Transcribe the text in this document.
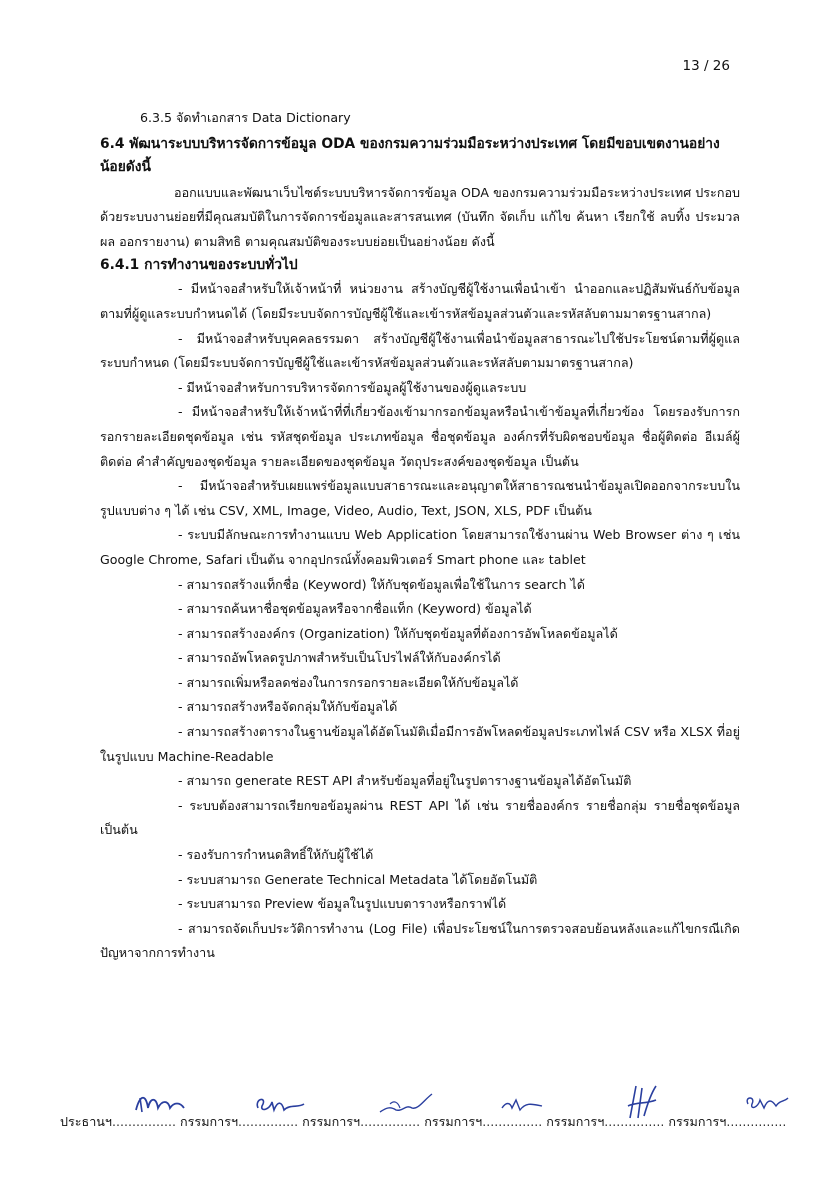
13 / 26

6.3.5 จัดทำเอกสาร Data Dictionary

6.4 พัฒนาระบบบริหารจัดการข้อมูล ODA ของกรมความร่วมมือระหว่างประเทศ โดยมีขอบเขตงานอย่างน้อยดังนี้

ออกแบบและพัฒนาเว็บไซต์ระบบบริหารจัดการข้อมูล ODA ของกรมความร่วมมือระหว่างประเทศ ประกอบด้วยระบบงานย่อยที่มีคุณสมบัติในการจัดการข้อมูลและสารสนเทศ (บันทึก จัดเก็บ แก้ไข ค้นหา เรียกใช้ ลบทิ้ง ประมวลผล ออกรายงาน) ตามสิทธิ ตามคุณสมบัติของระบบย่อยเป็นอย่างน้อย ดังนี้

6.4.1 การทำงานของระบบทั่วไป

- มีหน้าจอสำหรับให้เจ้าหน้าที่ หน่วยงาน สร้างบัญชีผู้ใช้งานเพื่อนำเข้า นำออกและปฏิสัมพันธ์กับข้อมูลตามที่ผู้ดูแลระบบกำหนดได้ (โดยมีระบบจัดการบัญชีผู้ใช้และเข้ารหัสข้อมูลส่วนตัวและรหัสลับตามมาตรฐานสากล)

- มีหน้าจอสำหรับบุคคลธรรมดา สร้างบัญชีผู้ใช้งานเพื่อนำข้อมูลสาธารณะไปใช้ประโยชน์ตามที่ผู้ดูแลระบบกำหนด (โดยมีระบบจัดการบัญชีผู้ใช้และเข้ารหัสข้อมูลส่วนตัวและรหัสลับตามมาตรฐานสากล)

- มีหน้าจอสำหรับการบริหารจัดการข้อมูลผู้ใช้งานของผู้ดูแลระบบ

- มีหน้าจอสำหรับให้เจ้าหน้าที่ที่เกี่ยวข้องเข้ามากรอกข้อมูลหรือนำเข้าข้อมูลที่เกี่ยวข้อง โดยรองรับการกรอกรายละเอียดชุดข้อมูล เช่น รหัสชุดข้อมูล ประเภทข้อมูล ชื่อชุดข้อมูล องค์กรที่รับผิดชอบข้อมูล ชื่อผู้ติดต่อ อีเมล์ผู้ติดต่อ คำสำคัญของชุดข้อมูล รายละเอียดของชุดข้อมูล วัตถุประสงค์ของชุดข้อมูล เป็นต้น

- มีหน้าจอสำหรับเผยแพร่ข้อมูลแบบสาธารณะและอนุญาตให้สาธารณชนนำข้อมูลเปิดออกจากระบบในรูปแบบต่าง ๆ ได้ เช่น CSV, XML, Image, Video, Audio, Text, JSON, XLS, PDF เป็นต้น

- ระบบมีลักษณะการทำงานแบบ Web Application โดยสามารถใช้งานผ่าน Web Browser ต่าง ๆ เช่น Google Chrome, Safari เป็นต้น จากอุปกรณ์ทั้งคอมพิวเตอร์ Smart phone และ tablet

- สามารถสร้างแท็กชื่อ (Keyword) ให้กับชุดข้อมูลเพื่อใช้ในการ search ได้

- สามารถค้นหาชื่อชุดข้อมูลหรือจากชื่อแท็ก (Keyword) ข้อมูลได้

- สามารถสร้างองค์กร (Organization) ให้กับชุดข้อมูลที่ต้องการอัพโหลดข้อมูลได้

- สามารถอัพโหลดรูปภาพสำหรับเป็นโปรไฟล์ให้กับองค์กรได้

- สามารถเพิ่มหรือลดช่องในการกรอกรายละเอียดให้กับข้อมูลได้

- สามารถสร้างหรือจัดกลุ่มให้กับข้อมูลได้

- สามารถสร้างตารางในฐานข้อมูลได้อัตโนมัติเมื่อมีการอัพโหลดข้อมูลประเภทไฟล์ CSV หรือ XLSX ที่อยู่ในรูปแบบ Machine-Readable

- สามารถ generate REST API สำหรับข้อมูลที่อยู่ในรูปตารางฐานข้อมูลได้อัตโนมัติ

- ระบบต้องสามารถเรียกขอข้อมูลผ่าน REST API ได้ เช่น รายชื่อองค์กร รายชื่อกลุ่ม รายชื่อชุดข้อมูล เป็นต้น

- รองรับการกำหนดสิทธิ์ให้กับผู้ใช้ได้

- ระบบสามารถ Generate Technical Metadata ได้โดยอัตโนมัติ

- ระบบสามารถ Preview ข้อมูลในรูปแบบตารางหรือกราฟได้

- สามารถจัดเก็บประวัติการทำงาน (Log File) เพื่อประโยชน์ในการตรวจสอบย้อนหลังและแก้ไขกรณีเกิดปัญหาจากการทำงาน

ประธานฯ................ กรรมการฯ............... กรรมการฯ............... กรรมการฯ............... กรรมการฯ............... กรรมการฯ...............
